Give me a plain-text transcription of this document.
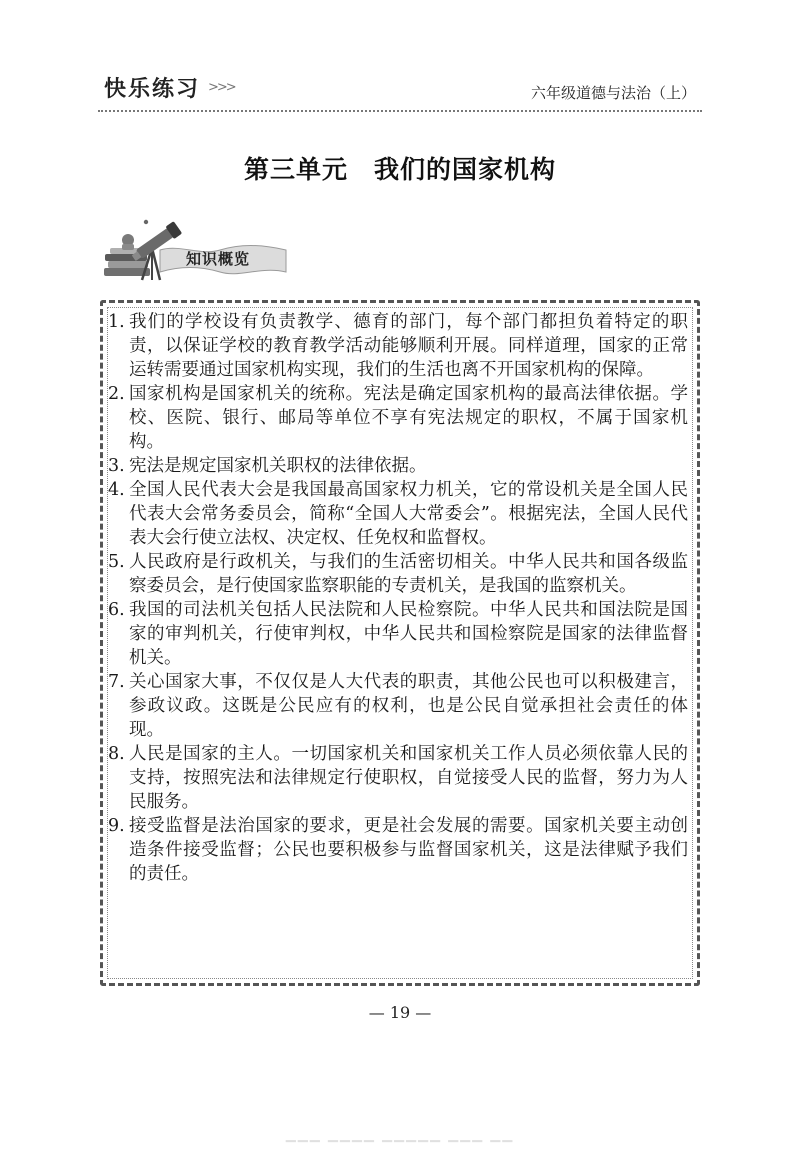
快乐练习 >>>	六年级道德与法治（上）
第三单元　我们的国家机构
知识概览
1. 我们的学校设有负责教学、德育的部门，每个部门都担负着特定的职责，以保证学校的教育教学活动能够顺利开展。同样道理，国家的正常运转需要通过国家机构实现，我们的生活也离不开国家机构的保障。
2. 国家机构是国家机关的统称。宪法是确定国家机构的最高法律依据。学校、医院、银行、邮局等单位不享有宪法规定的职权，不属于国家机构。
3. 宪法是规定国家机关职权的法律依据。
4. 全国人民代表大会是我国最高国家权力机关，它的常设机关是全国人民代表大会常务委员会，简称“全国人大常委会”。根据宪法，全国人民代表大会行使立法权、决定权、任免权和监督权。
5. 人民政府是行政机关，与我们的生活密切相关。中华人民共和国各级监察委员会，是行使国家监察职能的专责机关，是我国的监察机关。
6. 我国的司法机关包括人民法院和人民检察院。中华人民共和国法院是国家的审判机关，行使审判权，中华人民共和国检察院是国家的法律监督机关。
7. 关心国家大事，不仅仅是人大代表的职责，其他公民也可以积极建言，参政议政。这既是公民应有的权利，也是公民自觉承担社会责任的体现。
8. 人民是国家的主人。一切国家机关和国家机关工作人员必须依靠人民的支持，按照宪法和法律规定行使职权，自觉接受人民的监督，努力为人民服务。
9. 接受监督是法治国家的要求，更是社会发展的需要。国家机关要主动创造条件接受监督；公民也要积极参与监督国家机关，这是法律赋予我们的责任。
— 19 —
▁▁▁ ▁▁▁▁ ▁▁▁▁▁ ▁▁▁ ▁▁
